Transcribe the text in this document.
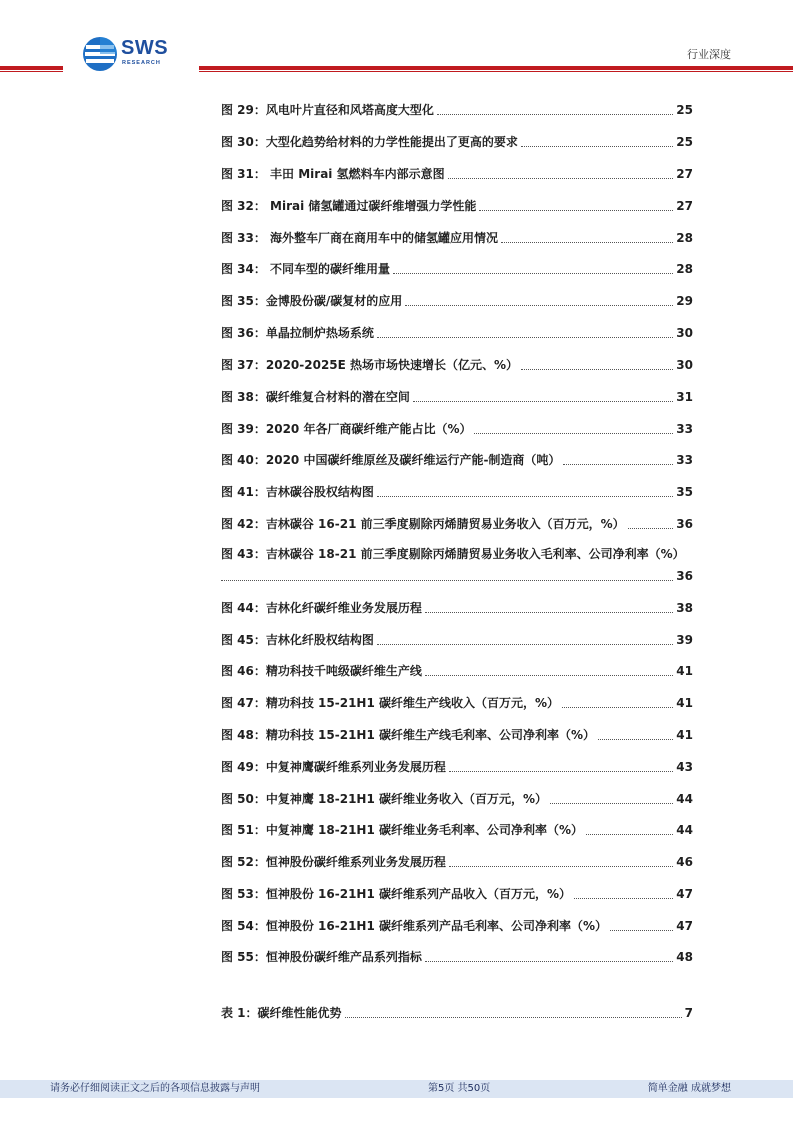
SWS
RESEARCH
行业深度
图 29：风电叶片直径和风塔高度大型化	25
图 30：大型化趋势给材料的力学性能提出了更高的要求	25
图 31： 丰田 Mirai 氢燃料车内部示意图	27
图 32： Mirai 储氢罐通过碳纤维增强力学性能	27
图 33： 海外整车厂商在商用车中的储氢罐应用情况	28
图 34： 不同车型的碳纤维用量	28
图 35：金博股份碳/碳复材的应用	29
图 36：单晶拉制炉热场系统	30
图 37：2020-2025E 热场市场快速增长（亿元、%）	30
图 38：碳纤维复合材料的潜在空间	31
图 39：2020 年各厂商碳纤维产能占比（%）	33
图 40：2020 中国碳纤维原丝及碳纤维运行产能-制造商（吨）	33
图 41：吉林碳谷股权结构图	35
图 42：吉林碳谷 16-21 前三季度剔除丙烯腈贸易业务收入（百万元，%）	36
图 43：吉林碳谷 18-21 前三季度剔除丙烯腈贸易业务收入毛利率、公司净利率（%）
36
图 44：吉林化纤碳纤维业务发展历程	38
图 45：吉林化纤股权结构图	39
图 46：精功科技千吨级碳纤维生产线	41
图 47：精功科技 15-21H1 碳纤维生产线收入（百万元，%）	41
图 48：精功科技 15-21H1 碳纤维生产线毛利率、公司净利率（%）	41
图 49：中复神鹰碳纤维系列业务发展历程	43
图 50：中复神鹰 18-21H1 碳纤维业务收入（百万元，%）	44
图 51：中复神鹰 18-21H1 碳纤维业务毛利率、公司净利率（%）	44
图 52：恒神股份碳纤维系列业务发展历程	46
图 53：恒神股份 16-21H1 碳纤维系列产品收入（百万元，%）	47
图 54：恒神股份 16-21H1 碳纤维系列产品毛利率、公司净利率（%）	47
图 55：恒神股份碳纤维产品系列指标	48
表 1：碳纤维性能优势	7
请务必仔细阅读正文之后的各项信息披露与声明	第5页 共50页	简单金融 成就梦想
